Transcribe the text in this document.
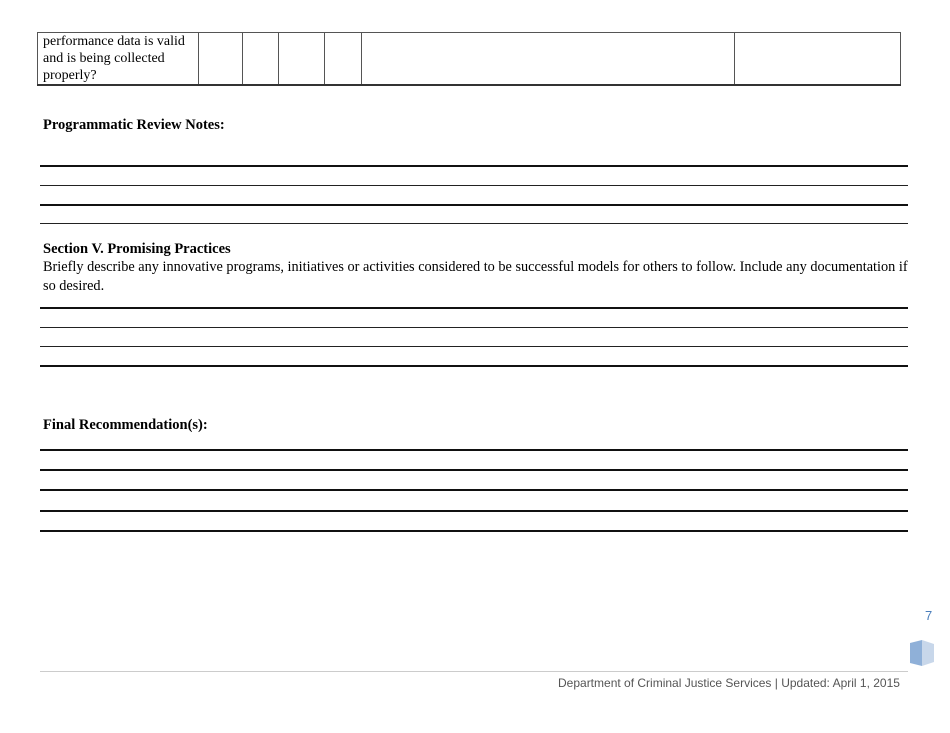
performance data is valid and is being collected properly?						
Programmatic Review Notes:
Section V. Promising Practices
Briefly describe any innovative programs, initiatives or activities considered to be successful models for others to follow. Include any documentation if so desired.
Final Recommendation(s):
7
Department of Criminal Justice Services | Updated: April 1, 2015
